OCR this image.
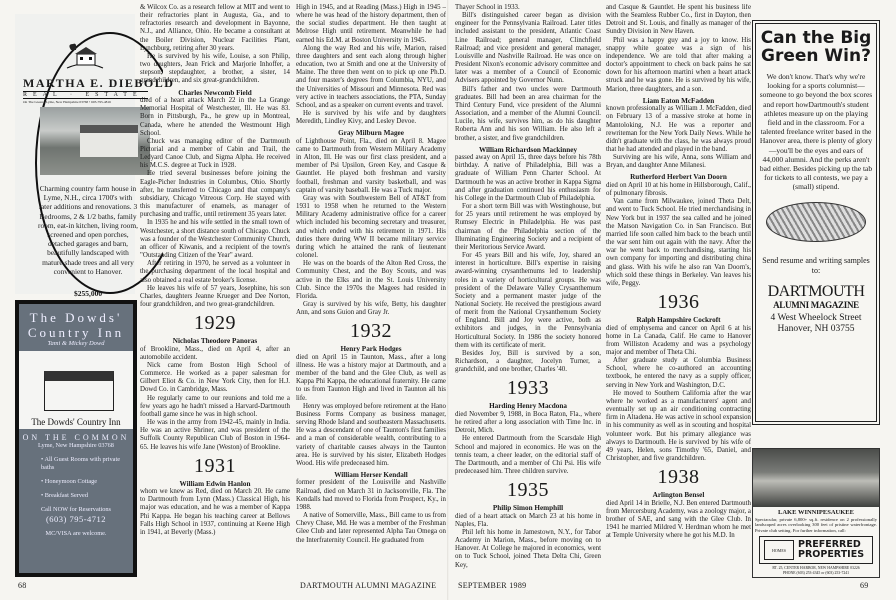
MARTHA E. DIEBOLD
REAL · ESTATE
On The Green • Lyme, New Hampshire 03768 • 603-795-4816
Charming country farm house in Lyme, N.H., circa 1700's with later additions and renovations. 3 Bedrooms, 2 & 1/2 baths, family room, eat-in kitchen, living room, screened and open porches, detached garages and barn, beautifully landscaped with mature shade trees and all very convenient to Hanover.
$255,000
The Dowds'
Country Inn
Tami & Mickey Dowd
The Dowds' Country Inn
ON THE COMMON
Lyme, New Hampshire 03768
• All Guest Rooms with private baths
• Honeymoon Cottage
• Breakfast Served
Call NOW for Reservations
(603) 795-4712
MC/VISA are welcome.

& Wilcox Co. as a research fellow at MIT and went to their refractories plant in Augusta, Ga., and to refractories research and development in Bayonne, N.J., and Alliance, Ohio. He became a consultant at the Boiler Division, Nuclear Facilities Plant, Lynchburg, retiring after 30 years.

He is survived by his wife, Louise, a son Philip, two daughters, Jean Frick and Marjorie Inhoffer, a stepson, stepdaughter, a brother, a sister, 14 grandchildren, and six great-grandchildren.

Charles Newcomb Field

died of a heart attack March 22 in the La Grange Memorial Hospital of Westchester, Ill. He was 83. Born in Pittsburgh, Pa., he grew up in Montreal, Canada, where he attended the Westmount High School.

Chuck was managing editor of the Dartmouth Pictorial and a member of Cabin and Trail, the Ledyard Canoe Club, and Sigma Alpha. He received his M.C.S. degree at Tuck in 1928.

He tried several businesses before joining the Eagle-Picher Industries in Columbus, Ohio. Shortly after, he transferred to Chicago and that company's subsidiary, Chicago Vitreous Corp. He stayed with this manufacturer of enamels, as manager of purchasing and traffic, until retirement 35 years later.

In 1935 he and his wife settled in the small town of Westchester, a short distance south of Chicago. Chuck was a founder of the Westchester Community Church, an officer of Kiwanis, and a recipient of the town's "Outstanding Citizen of the Year" award.

After retiring in 1970, he served as a volunteer in the purchasing department of the local hospital and also obtained a real estate broker's license.

He leaves his wife of 57 years, Josephine, his son Charles, daughters Jeanne Krueger and Dee Norton, four grandchildren, and two great-grandchildren.

1929
Nicholas Theodore Panoras

of Brookline, Mass., died on April 4, after an automobile accident.

Nick came from Boston High School of Commerce. He worked as a paper salesman for Gilbert Eliot & Co. in New York City, then for H.J. Dowd Co. in Cambridge, Mass.

He regularly came to our reunions and told me a few years ago he hadn't missed a Harvard-Dartmouth football game since he was in high school.

He was in the army from 1942-45, mainly in India. He was an active Shriner, and was president of the Suffolk County Republican Club of Boston in 1964-65. He leaves his wife Jane (Weston) of Brookline.

1931
William Edwin Hanlon

whom we knew as Red, died on March 20. He came to Dartmouth from Lynn (Mass.) Classical High, his major was education, and he was a member of Kappa Phi Kappa. He began his teaching career at Bellows Falls High School in 1937, continuing at Keene High in 1941, at Beverly (Mass.)

High in 1945, and at Reading (Mass.) High in 1945 – where he was head of the history department, then of the social studies department. He then taught at Melrose High until retirement. Meanwhile he had earned his Ed.M. at Boston University in 1945.

Along the way Red and his wife, Marion, raised three daughters and sent each along through higher education, two at Smith and one at the University of Maine. The three then went on to pick up one Ph.D. and four master's degrees from Columbia, NYU, and the Universities of Missouri and Minnesota. Red was very active in teachers associations, the PTA, Sunday School, and as a speaker on current events and travel.

He is survived by his wife and by daughters Meredith, Lindley Kivy, and Lesley Devoe.

Gray Milburn Magee

of Lighthouse Point, Fla., died on April 8. Magee came to Dartmouth from Western Military Academy in Alton, Ill. He was our first class president, and a member of Psi Upsilon, Green Key, and Casque & Gauntlet. He played both freshman and varsity football, freshman and varsity basketball, and was captain of varsity baseball. He was a Tuck major.

Gray was with Southwestern Bell of AT&T from 1931 to 1958 when he returned to the Western Military Academy administrative office for a career which included his becoming secretary and treasurer, and which ended with his retirement in 1971. His duties there during WW II became military service during which he attained the rank of lieutenant colonel.

He was on the boards of the Alton Red Cross, the Community Chest, and the Boy Scouts, and was active in the Elks and in the St. Louis University Club. Since the 1970s the Magees had resided in Florida.

Gray is survived by his wife, Betty, his daughter Ann, and sons Guion and Gray Jr.

1932
Henry Park Hodges

died on April 15 in Taunton, Mass., after a long illness. He was a history major at Dartmouth, and a member of the band and the Glee Club, as well as Kappa Phi Kappa, the educational fraternity. He came to us from Taunton High and lived in Taunton all his life.

Henry was employed before retirement at the Hano Business Forms Company as business manager, serving Rhode Island and southeastern Massachusetts. He was a descendant of one of Taunton's first families and a man of considerable wealth, contributing to a variety of charitable causes always in the Taunton area. He is survived by his sister, Elizabeth Hodges Wood. His wife predeceased him.

William Herser Kendall

former president of the Louisville and Nashville Railroad, died on March 31 in Jacksonville, Fla. The Kendalls had moved to Florida from Prospect, Ky., in 1988.

A native of Somerville, Mass., Bill came to us from Chevy Chase, Md. He was a member of the Freshman Glee Club and later represented Alpha Tau Omega on the Interfraternity Council. He graduated from

Thayer School in 1933.

Bill's distinguished career began as division engineer for the Pennsylvania Railroad. Later titles included assistant to the president, Atlantic Coast Line Railroad; general manager, Clinchfield Railroad; and vice president and general manager, Louisville and Nashville Railroad. He was once on President Nixon's economic advisory committee and later was a member of a Council of Economic Advisers appointed by Governor Nunn.

Bill's father and two uncles were Dartmouth graduates. Bill had been an area chairman for the Third Century Fund, vice president of the Alumni Association, and a member of the Alumni Council. Lucile, his wife, survives him, as do his daughter Roberta Ann and his son William. He also left a brother, a sister, and five grandchildren.

William Richardson Mackinney

passed away on April 15, three days before his 78th birthday. A native of Philadelphia, Bill was a graduate of William Penn Charter School. At Dartmouth he was an active brother in Kappa Sigma and after graduation continued his enthusiasm for his College in the Dartmouth Club of Philadelphia.

For a short term Bill was with Westinghouse, but for 25 years until retirement he was employed by Rumsey Electric in Philadelphia. He was past chairman of the Philadelphia section of the Illuminating Engineering Society and a recipient of their Meritorious Service Award.

For 45 years Bill and his wife, Joy, shared an interest in horticulture. Bill's expertise in raising award-winning crysanthemums led to leadership roles in a variety of horticultural groups. He was president of the Delaware Valley Crysanthemum Society and a permanent master judge of the National Society. He received the prestigious award of merit from the National Crysanthemum Society of England. Bill and Joy were active, both as exhibitors and judges, in the Pennsylvania Horticultural Society. In 1986 the society honored them with its certificate of merit.

Besides Joy, Bill is survived by a son, Richardson, a daughter, Jocelyn Turner, a grandchild, and one brother, Charles '40.

1933
Harding Henry Macdona

died November 9, 1988, in Boca Raton, Fla., where he retired after a long association with Time Inc. in Detroit, Mich.

He entered Dartmouth from the Scarsdale High School and majored in economics. He was on the tennis team, a cheer leader, on the editorial staff of The Dartmouth, and a member of Chi Psi. His wife predeceased him. Three children survive.

1935
Philip Simon Hemphill

died of a heart attack on March 23 at his home in Naples, Fla.

Phil left his home in Jamestown, N.Y., for Tabor Academy in Marion, Mass., before moving on to Hanover. At College he majored in economics, went on to Tuck School, joined Theta Delta Chi, Green Key,

and Casque & Gauntlet. He spent his business life with the Seamless Rubber Co., first in Dayton, then Detroit and St. Louis, and finally as manager of the Sundry Division in New Haven.

Phil was a happy guy and a joy to know. His snappy white goatee was a sign of his independence. We are told that after making a doctor's appointment to check on back pains he sat down for his afternoon martini when a heart attack struck and he was gone. He is survived by his wife, Marion, three daughters, and a son.

Liam Eaton McFadden

known professionally as William J. McFadden, died on February 13 of a massive stroke at home in Mantoloking, N.J. He was a reporter and rewriteman for the New York Daily News. While he didn't graduate with the class, he was always proud that he had attended and played in the band.

Surviving are his wife, Anna, sons William and Bryan, and daughter Anne Milanesi.

Rutherford Herbert Van Doorn

died on April 10 at his home in Hillsborough, Calif., of pulmonary fibrosis.

Van came from Milwaukee, joined Theta Delt, and went to Tuck School. He tried merchandising in New York but in 1937 the sea called and he joined the Matson Navigation Co. in San Francisco. But married life soon called him back to the beach until the war sent him out again with the navy. After the war he went back to merchandising, starting his own company for importing and distributing china and glass. With his wife he also ran Van Doorn's, which sold these things in Berkeley. Van leaves his wife, Peggy.

1936
Ralph Hampshire Cockroft

died of emphysema and cancer on April 6 at his home in La Canada, Calif. He came to Hanover from Williston Academy and was a psychology major and member of Theta Chi.

After graduate study at Columbia Business School, where he co-authored an accounting textbook, he entered the navy as a supply officer, serving in New York and Washington, D.C.

He moved to Southern California after the war where he worked as a manufacturers' agent and eventually set up an air conditioning contracting firm in Altadena. He was active in school expansion in his community as well as in scouting and hospital volunteer work. But his primary allegiance was always to Dartmouth. He is survived by his wife of 49 years, Helen, sons Timothy '65, Daniel, and Christopher, and five grandchildren.

1938
Arlington Bensel

died April 14 in Brielle, N.J. Ben entered Dartmouth from Mercersburg Academy, was a zoology major, a brother of SAE, and sang with the Glee Club. In 1941 he married Mildred V. Herdman whom he met at Temple University where he got his M.D. In

Can the Big Green Win?
We don't know. That's why we're looking for a sports columnist—someone to go beyond the box scores and report howDartmouth's student athletes measure up on the playing field and in the classroom. For a talented freelance writer based in the Hanover area, there is plenty of glory—you'll be the eyes and ears of 44,000 alumni. And the perks aren't bad either. Besides picking up the tab for tickets to all contests, we pay a (small) stipend.
Send resume and writing samples to:
DARTMOUTH
ALUMNI MAGAZINE
4 West Wheelock Street
Hanover, NH 03755
LAKE WINNIPESAUKEE
Spectacular, private 6,800+ sq.ft. residence on 2 professionally landscaped acres overlooking 300 feet of pristine waterfrontage. Private club setting. For further information, call:
HOMES	PREFERRED
PROPERTIES
RT. 25, CENTER HARBOR, NEW HAMPSHIRE 03226
PHONE (603) 253-4345 or (603) 253-7241
68	DARTMOUTH ALUMNI MAGAZINE	SEPTEMBER 1989	69
